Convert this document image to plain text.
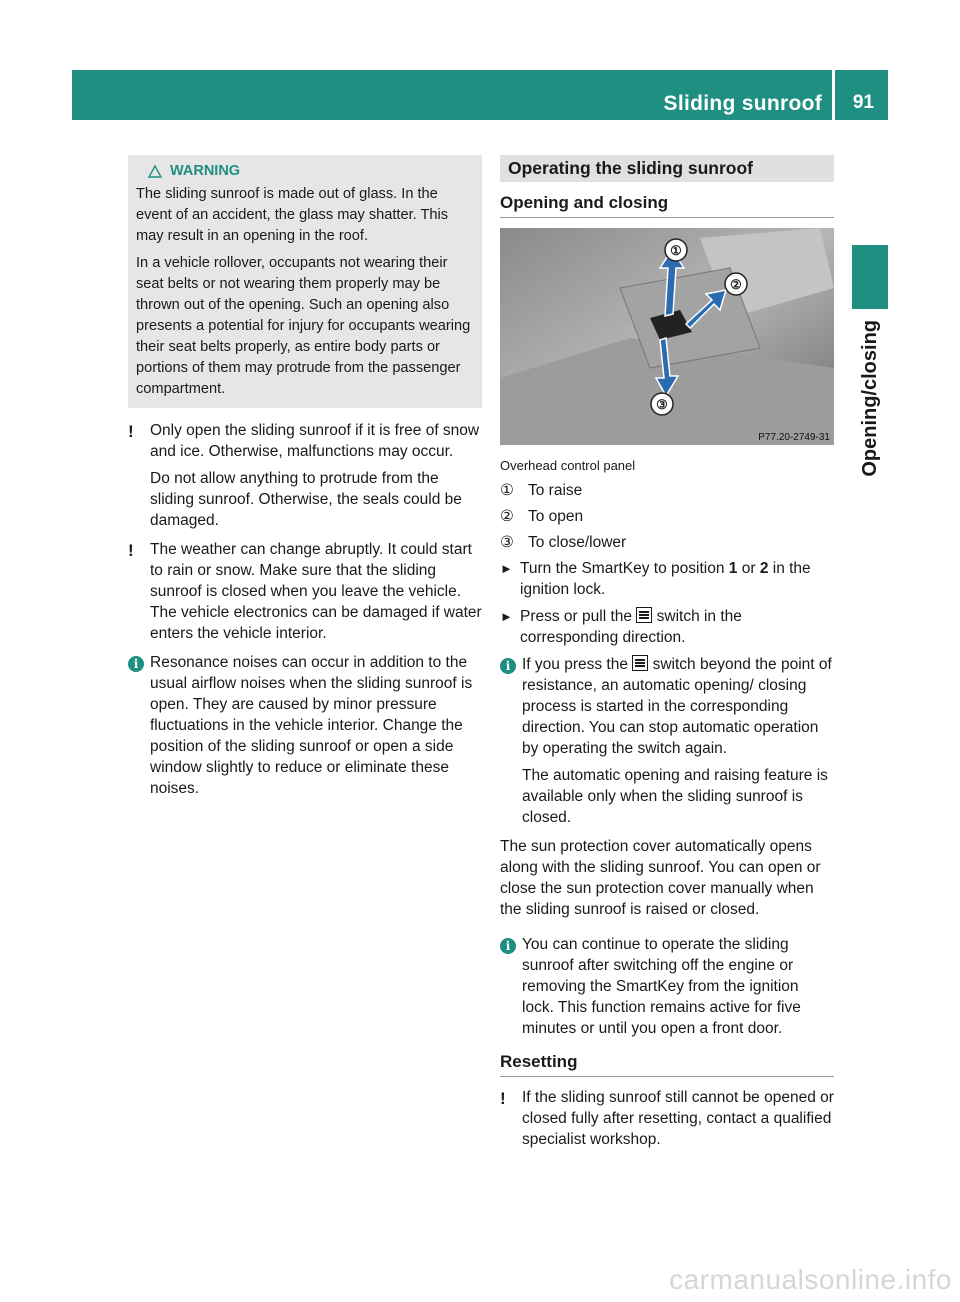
Sliding sunroof 91
Opening/closing
WARNING

The sliding sunroof is made out of glass. In the event of an accident, the glass may shatter. This may result in an opening in the roof.

In a vehicle rollover, occupants not wearing their seat belts or not wearing them properly may be thrown out of the opening. Such an opening also presents a potential for injury for occupants wearing their seat belts properly, as entire body parts or portions of them may protrude from the passenger compartment.

!	Only open the sliding sunroof if it is free of snow and ice. Otherwise, malfunctions may occur.

Do not allow anything to protrude from the sliding sunroof. Otherwise, the seals could be damaged.

!	The weather can change abruptly. It could start to rain or snow. Make sure that the sliding sunroof is closed when you leave the vehicle. The vehicle electronics can be damaged if water enters the vehicle interior.

i Resonance noises can occur in addition to the usual airflow noises when the sliding sunroof is open. They are caused by minor pressure fluctuations in the vehicle interior. Change the position of the sliding sunroof or open a side window slightly to reduce or eliminate these noises.

Operating the sliding sunroof
Opening and closing
①
②
③
P77.20-2749-31
Overhead control panel
① To raise
② To open
③ To close/lower
► Turn the SmartKey to position 1 or 2 in the ignition lock.
► Press or pull the  switch in the corresponding direction.
i If you press the  switch beyond the point of resistance, an automatic opening/ closing process is started in the corresponding direction. You can stop automatic operation by operating the switch again.

The automatic opening and raising feature is available only when the sliding sunroof is closed.

The sun protection cover automatically opens along with the sliding sunroof. You can open or close the sun protection cover manually when the sliding sunroof is raised or closed.

i You can continue to operate the sliding sunroof after switching off the engine or removing the SmartKey from the ignition lock. This function remains active for five minutes or until you open a front door.

Resetting
!	If the sliding sunroof still cannot be opened or closed fully after resetting, contact a qualified specialist workshop.

carmanualsonline.info
